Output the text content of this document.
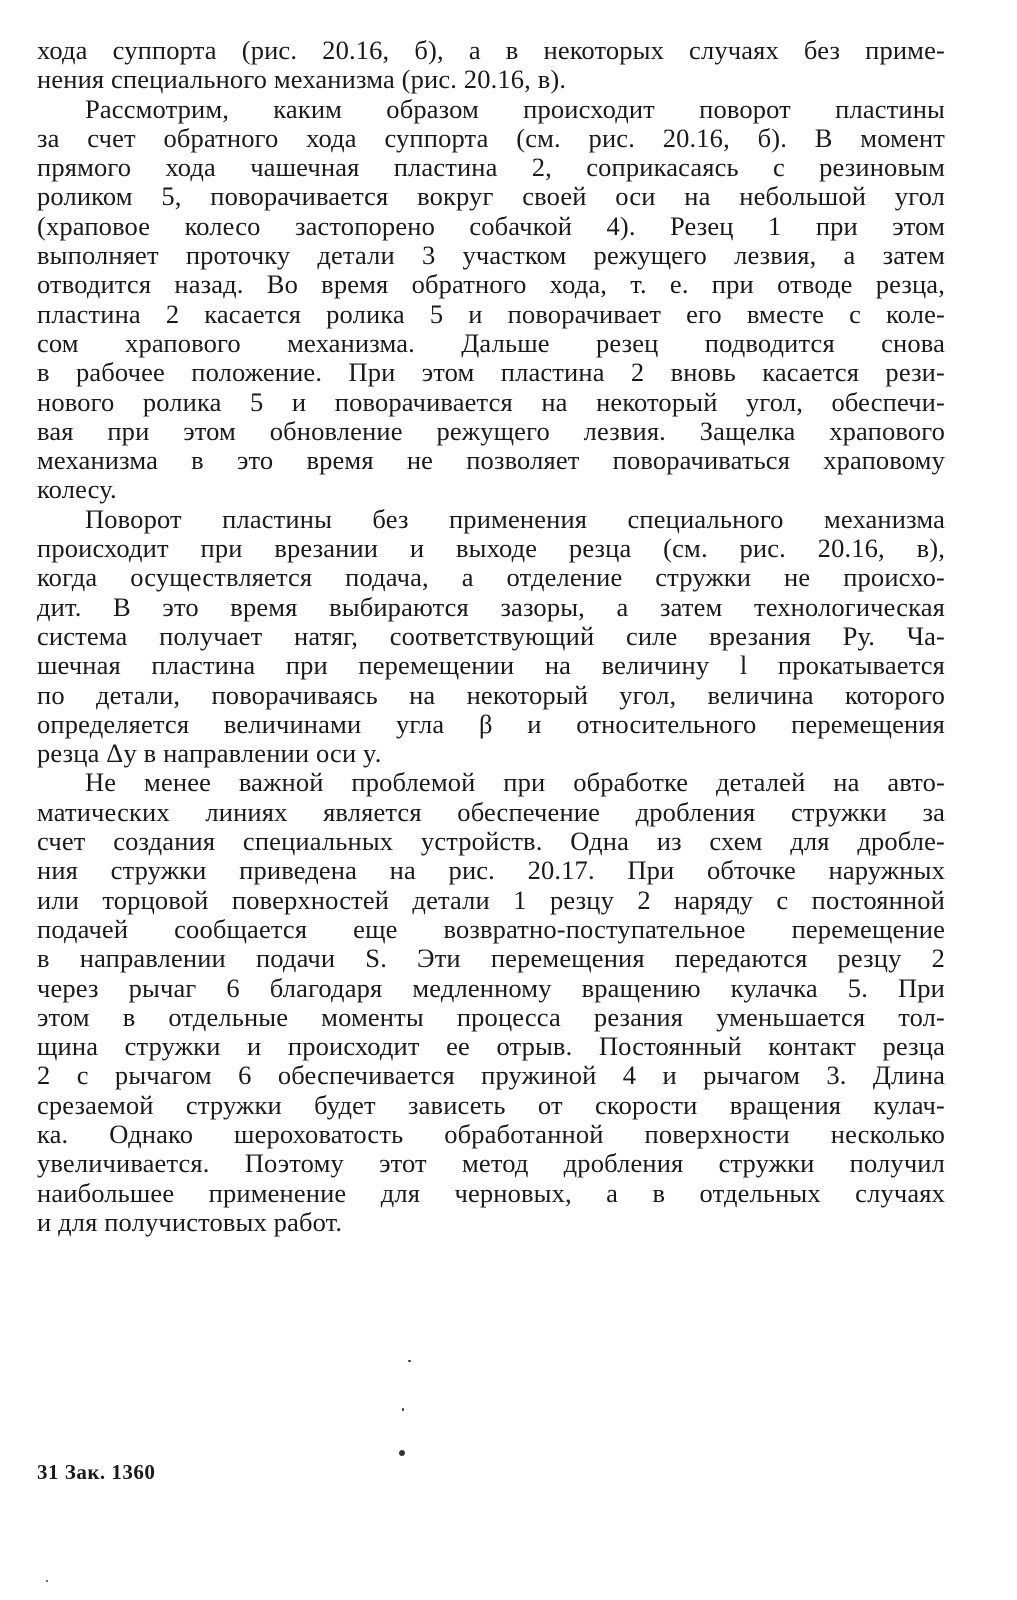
хода суппорта (рис. 20.16, б), а в некоторых случаях без приме-
нения специального механизма (рис. 20.16, в).
Рассмотрим, каким образом происходит поворот пластины
за счет обратного хода суппорта (см. рис. 20.16, б). В момент
прямого хода чашечная пластина 2, соприкасаясь с резиновым
роликом 5, поворачивается вокруг своей оси на небольшой угол
(храповое колесо застопорено собачкой 4). Резец 1 при этом
выполняет проточку детали 3 участком режущего лезвия, а затем
отводится назад. Во время обратного хода, т. е. при отводе резца,
пластина 2 касается ролика 5 и поворачивает его вместе с коле-
сом храпового механизма. Дальше резец подводится снова
в рабочее положение. При этом пластина 2 вновь касается рези-
нового ролика 5 и поворачивается на некоторый угол, обеспечи-
вая при этом обновление режущего лезвия. Защелка храпового
механизма в это время не позволяет поворачиваться храповому
колесу.
Поворот пластины без применения специального механизма
происходит при врезании и выходе резца (см. рис. 20.16, в),
когда осуществляется подача, а отделение стружки не происхо-
дит. В это время выбираются зазоры, а затем технологическая
система получает натяг, соответствующий силе врезания Pу. Ча-
шечная пластина при перемещении на величину l прокатывается
по детали, поворачиваясь на некоторый угол, величина которого
определяется величинами угла β и относительного перемещения
резца Δy в направлении оси y.
Не менее важной проблемой при обработке деталей на авто-
матических линиях является обеспечение дробления стружки за
счет создания специальных устройств. Одна из схем для дробле-
ния стружки приведена на рис. 20.17. При обточке наружных
или торцовой поверхностей детали 1 резцу 2 наряду с постоянной
подачей сообщается еще возвратно-поступательное перемещение
в направлении подачи S. Эти перемещения передаются резцу 2
через рычаг 6 благодаря медленному вращению кулачка 5. При
этом в отдельные моменты процесса резания уменьшается тол-
щина стружки и происходит ее отрыв. Постоянный контакт резца
2 с рычагом 6 обеспечивается пружиной 4 и рычагом 3. Длина
срезаемой стружки будет зависеть от скорости вращения кулач-
ка. Однако шероховатость обработанной поверхности несколько
увеличивается. Поэтому этот метод дробления стружки получил
наибольшее применение для черновых, а в отдельных случаях
и для получистовых работ.
31 Зак. 1360
